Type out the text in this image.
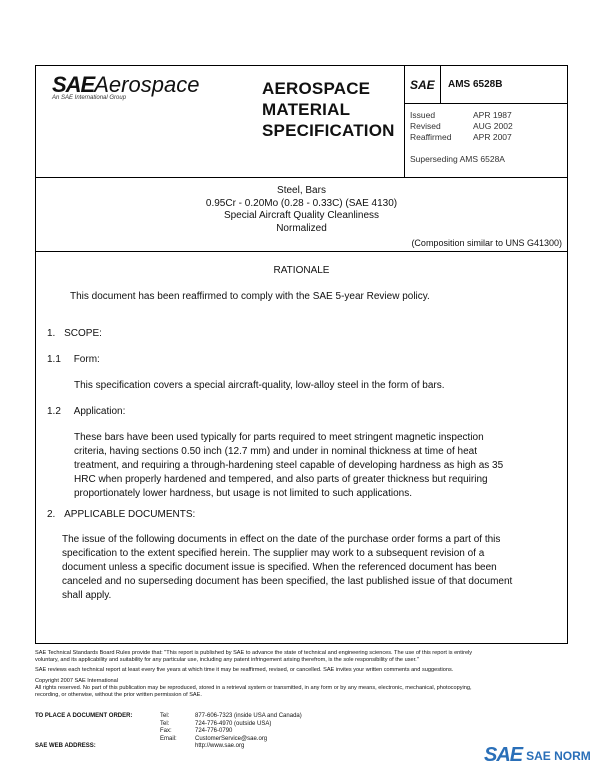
SAEAerospace
An SAE International Group	AEROSPACE
MATERIAL
SPECIFICATION
SAE AMS 6528B
Issued	APR 1987
Revised	AUG 2002
Reaffirmed	APR 2007
Superseding AMS 6528A
Steel, Bars
0.95Cr - 0.20Mo (0.28 - 0.33C) (SAE 4130)
Special Aircraft Quality Cleanliness
Normalized
(Composition similar to UNS G41300)
RATIONALE
This document has been reaffirmed to comply with the SAE 5-year Review policy.
1. SCOPE:
1.1 Form:
This specification covers a special aircraft-quality, low-alloy steel in the form of bars.
1.2 Application:
These bars have been used typically for parts required to meet stringent magnetic inspection
criteria, having sections 0.50 inch (12.7 mm) and under in nominal thickness at time of heat
treatment, and requiring a through-hardening steel capable of developing hardness as high as 35
HRC when properly hardened and tempered, and also parts of greater thickness but requiring
proportionately lower hardness, but usage is not limited to such applications.
2. APPLICABLE DOCUMENTS:
The issue of the following documents in effect on the date of the purchase order forms a part of this
specification to the extent specified herein. The supplier may work to a subsequent revision of a
document unless a specific document issue is specified. When the referenced document has been
canceled and no superseding document has been specified, the last published issue of that document
shall apply.
SAE Technical Standards Board Rules provide that: "This report is published by SAE to advance the state of technical and engineering sciences. The use of this report is entirely
voluntary, and its applicability and suitability for any particular use, including any patent infringement arising therefrom, is the sole responsibility of the user."
SAE reviews each technical report at least every five years at which time it may be reaffirmed, revised, or cancelled. SAE invites your written comments and suggestions.
Copyright 2007 SAE International
All rights reserved. No part of this publication may be reproduced, stored in a retrieval system or transmitted, in any form or by any means, electronic, mechanical, photocopying,
recording, or otherwise, without the prior written permission of SAE.
TO PLACE A DOCUMENT ORDER:	Tel:	877-606-7323 (inside USA and Canada)
Tel:	724-776-4970 (outside USA)
Fax:	724-776-0790
Email:	CustomerService@sae.org
SAE WEB ADDRESS:	http://www.sae.org	SAE SAE NORM
